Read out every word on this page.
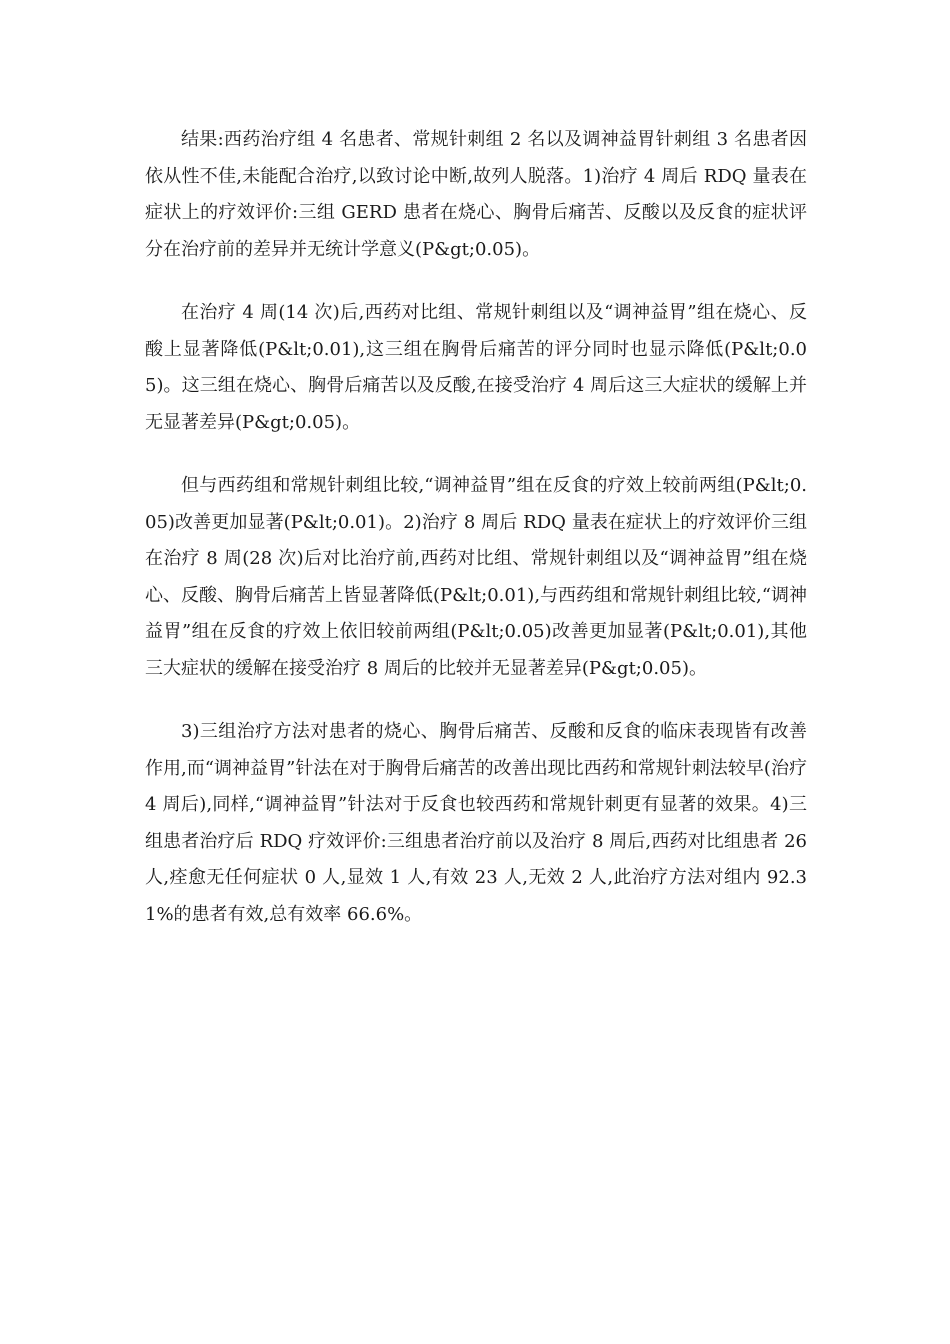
结果:西药治疗组 4 名患者、常规针刺组 2 名以及调神益胃针刺组 3 名患者因依从性不佳,未能配合治疗,以致讨论中断,故列人脱落。1)治疗 4 周后 RDQ 量表在症状上的疗效评价:三组 GERD 患者在烧心、胸骨后痛苦、反酸以及反食的症状评分在治疗前的差异并无统计学意义(P&gt;0.05)。

在治疗 4 周(14 次)后,西药对比组、常规针刺组以及“调神益胃”组在烧心、反酸上显著降低(P&lt;0.01),这三组在胸骨后痛苦的评分同时也显示降低(P&lt;0.05)。这三组在烧心、胸骨后痛苦以及反酸,在接受治疗 4 周后这三大症状的缓解上并无显著差异(P&gt;0.05)。

但与西药组和常规针刺组比较,“调神益胃”组在反食的疗效上较前两组(P&lt;0.05)改善更加显著(P&lt;0.01)。2)治疗 8 周后 RDQ 量表在症状上的疗效评价三组在治疗 8 周(28 次)后对比治疗前,西药对比组、常规针刺组以及“调神益胃”组在烧心、反酸、胸骨后痛苦上皆显著降低(P&lt;0.01),与西药组和常规针刺组比较,“调神益胃”组在反食的疗效上依旧较前两组(P&lt;0.05)改善更加显著(P&lt;0.01),其他三大症状的缓解在接受治疗 8 周后的比较并无显著差异(P&gt;0.05)。

3)三组治疗方法对患者的烧心、胸骨后痛苦、反酸和反食的临床表现皆有改善作用,而“调神益胃”针法在对于胸骨后痛苦的改善出现比西药和常规针刺法较早(治疗 4 周后),同样,“调神益胃”针法对于反食也较西药和常规针刺更有显著的效果。4)三组患者治疗后 RDQ 疗效评价:三组患者治疗前以及治疗 8 周后,西药对比组患者 26 人,痊愈无任何症状 0 人,显效 1 人,有效 23 人,无效 2 人,此治疗方法对组内 92.31%的患者有效,总有效率 66.6%。
